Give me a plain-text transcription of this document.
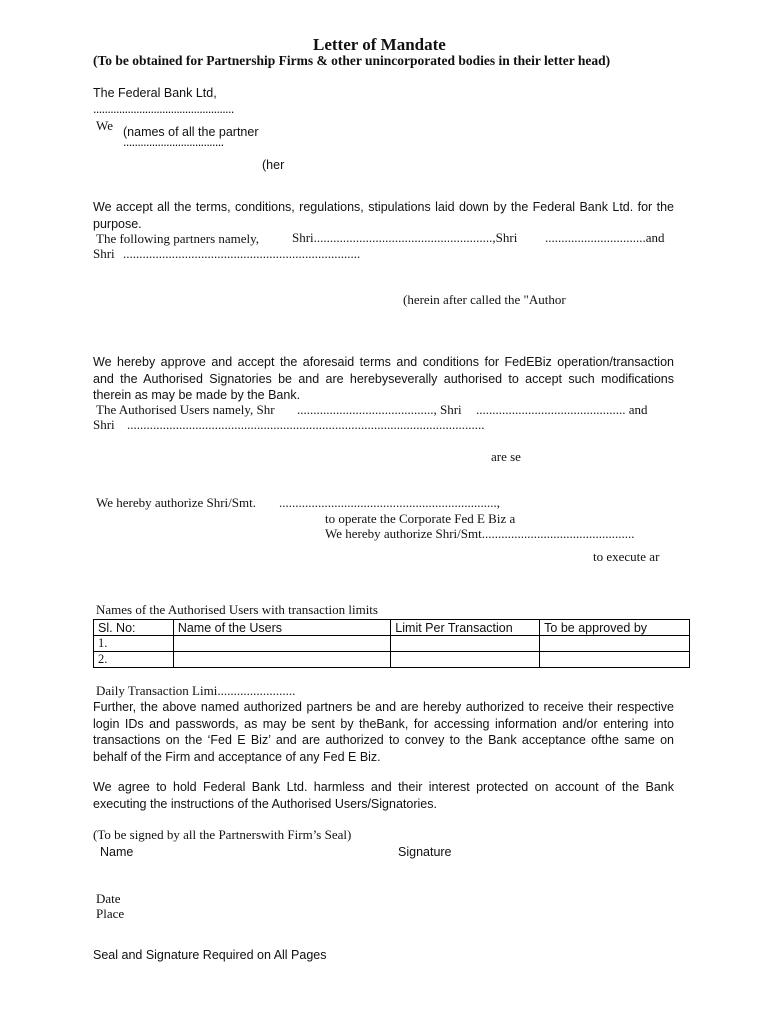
Letter of Mandate
(To be obtained for Partnership Firms & other unincorporated bodies in their letter head)
The Federal Bank Ltd,
.................................................
We (names of all the partner
...................................
(her
We accept all the terms, conditions, regulations, stipulations laid down by the Federal Bank Ltd. for the purpose.
The following partners namely,	Shri.......................................................,Shri	...............................and
Shri .........................................................................
(herein after called the "Author
We hereby approve and accept the aforesaid terms and conditions for FedEBiz operation/transaction and the Authorised Signatories be and are herebyseverally authorised to accept such modifications therein as may be made by the Bank.
The Authorised Users namely, Shr .........................................., Shri	.............................................. and
Shri ..............................................................................................................
are se
We hereby authorize Shri/Smt. ...................................................................,
to operate the Corporate Fed E Biz a
We hereby authorize Shri/Smt...............................................
to execute ar
Names of the Authorised Users with transaction limits
Sl. No:	Name of the Users	Limit Per Transaction	To be approved by
1.			
2.			
Daily Transaction Limi........................
Further, the above named authorized partners be and are hereby authorized to receive their respective login IDs and passwords, as may be sent by theBank, for accessing information and/or entering into transactions on the ‘Fed E Biz’ and are authorized to convey to the Bank acceptance ofthe same on behalf of the Firm and acceptance of any Fed E Biz.
We agree to hold Federal Bank Ltd. harmless and their interest protected on account of the Bank executing the instructions of the Authorised Users/Signatories.
(To be signed by all the Partnerswith Firm’s Seal)
Name	Signature
Date
Place
Seal and Signature Required on All Pages
